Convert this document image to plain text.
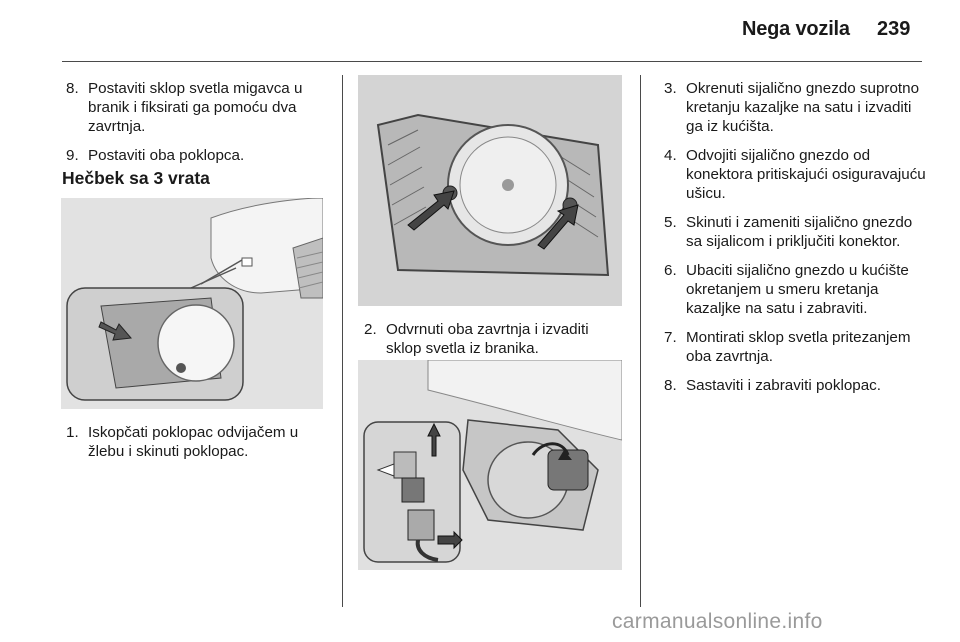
Nega vozila 239
8. Postaviti sklop svetla migavca u branik i fiksirati ga pomoću dva zavrtnja.
9. Postaviti oba poklopca.
Hečbek sa 3 vrata
1. Iskopčati poklopac odvijačem u žlebu i skinuti poklopac.
2. Odvrnuti oba zavrtnja i izvaditi sklop svetla iz branika.
3. Okrenuti sijalično gnezdo suprotno kretanju kazaljke na satu i izvaditi ga iz kućišta.
4. Odvojiti sijalično gnezdo od konektora pritiskajući osiguravajuću ušicu.
5. Skinuti i zameniti sijalično gnezdo sa sijalicom i priključiti konektor.
6. Ubaciti sijalično gnezdo u kućište okretanjem u smeru kretanja kazaljke na satu i zabraviti.
7. Montirati sklop svetla pritezanjem oba zavrtnja.
8. Sastaviti i zabraviti poklopac.
carmanualsonline.info
